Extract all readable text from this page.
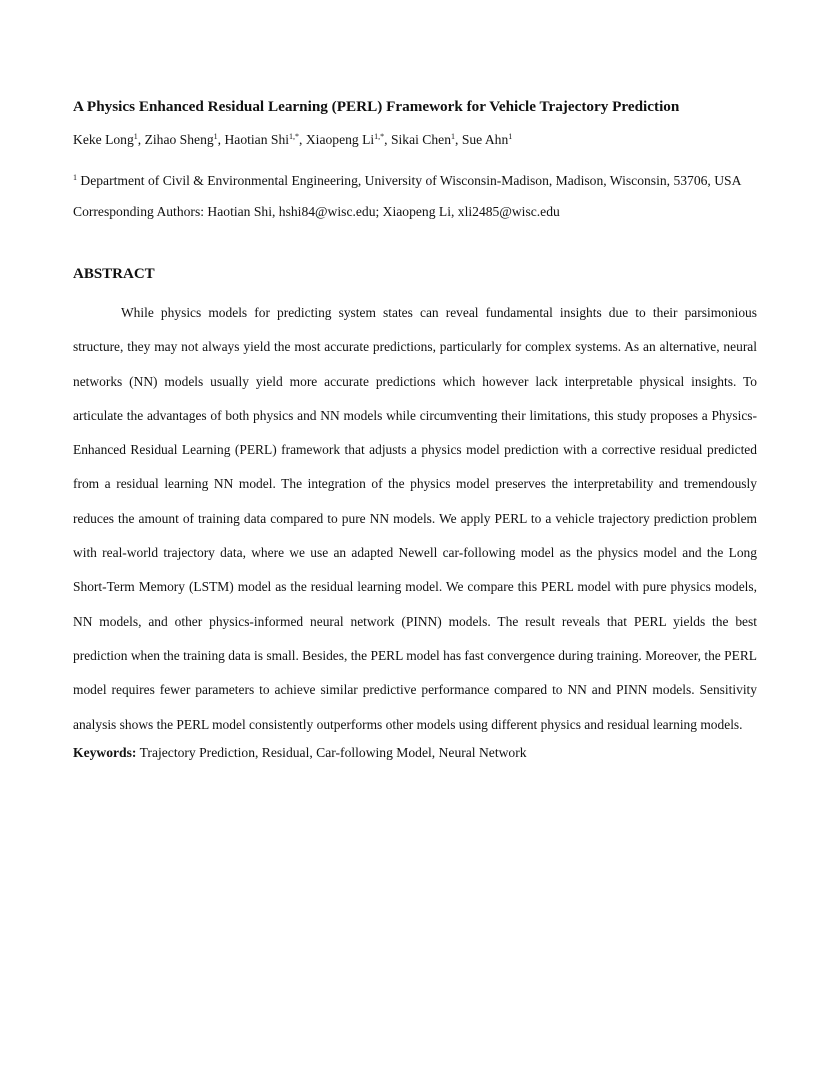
A Physics Enhanced Residual Learning (PERL) Framework for Vehicle Trajectory Prediction
Keke Long$^1$, Zihao Sheng$^1$, Haotian Shi$^{1,*}$, Xiaopeng $Li^{1,*}$, Sikai Chen$^1$, Sue Ahn$^1$
$^1$ Department of Civil & Environmental Engineering, University of Wisconsin-Madison, Madison, Wisconsin, 53706, USA
Corresponding Authors: Haotian Shi, hshi84@wisc.edu; Xiaopeng Li, xli2485@wisc.edu
ABSTRACT

While physics models for predicting system states can reveal fundamental insights due to their parsimonious structure, they may not always yield the most accurate predictions, particularly for complex systems. As an alternative, neural networks (NN) models usually yield more accurate predictions which however lack interpretable physical insights. To articulate the advantages of both physics and NN models while circumventing their limitations, this study proposes a Physics-Enhanced Residual Learning (PERL) framework that adjusts a physics model prediction with a corrective residual predicted from a residual learning NN model. The integration of the physics model preserves the interpretability and tremendously reduces the amount of training data compared to pure NN models. We apply PERL to a vehicle trajectory prediction problem with real-world trajectory data, where we use an adapted Newell car-following model as the physics model and the Long Short-Term Memory (LSTM) model as the residual learning model. We compare this PERL model with pure physics models, NN models, and other physics-informed neural network (PINN) models. The result reveals that PERL yields the best prediction when the training data is small. Besides, the PERL model has fast convergence during training. Moreover, the PERL model requires fewer parameters to achieve similar predictive performance compared to NN and PINN models. Sensitivity analysis shows the PERL model consistently outperforms other models using different physics and residual learning models.

Keywords: Trajectory Prediction, Residual, Car-following Model, Neural Network
